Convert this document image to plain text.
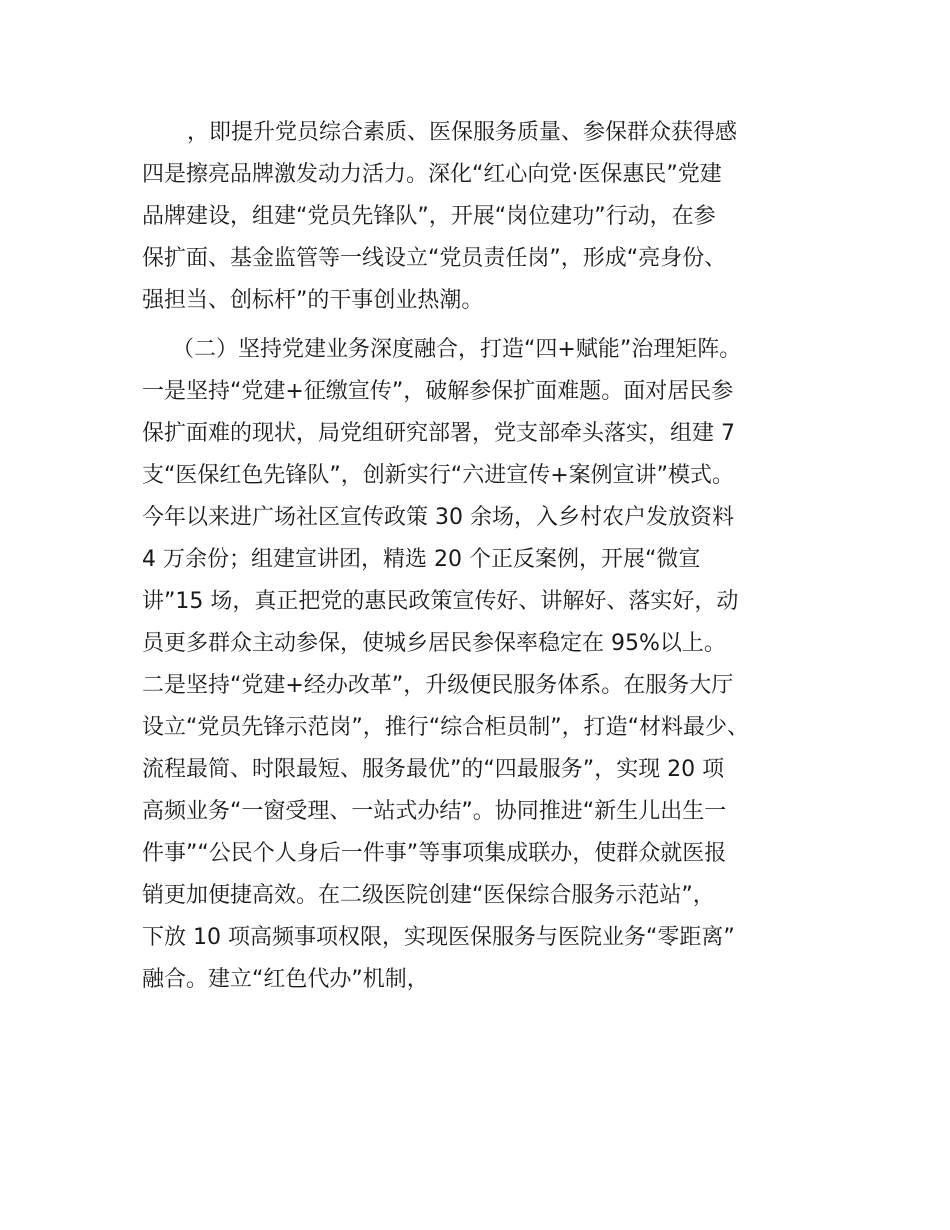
，即提升党员综合素质、医保服务质量、参保群众获得感

四是擦亮品牌激发动力活力。深化“红心向党·医保惠民”党建

品牌建设，组建“党员先锋队”，开展“岗位建功”行动，在参

保扩面、基金监管等一线设立“党员责任岗”，形成“亮身份、

强担当、创标杆”的干事创业热潮。

（二）坚持党建业务深度融合，打造“四+赋能”治理矩阵。

一是坚持“党建+征缴宣传”，破解参保扩面难题。面对居民参

保扩面难的现状，局党组研究部署，党支部牵头落实，组建 7

支“医保红色先锋队”，创新实行“六进宣传+案例宣讲”模式。

今年以来进广场社区宣传政策 30 余场，入乡村农户发放资料

4 万余份；组建宣讲团，精选 20 个正反案例，开展“微宣

讲”15 场，真正把党的惠民政策宣传好、讲解好、落实好，动

员更多群众主动参保，使城乡居民参保率稳定在 95%以上。

二是坚持“党建+经办改革”，升级便民服务体系。在服务大厅

设立“党员先锋示范岗”，推行“综合柜员制”，打造“材料最少、

流程最简、时限最短、服务最优”的“四最服务”，实现 20 项

高频业务“一窗受理、一站式办结”。协同推进“新生儿出生一

件事”“公民个人身后一件事”等事项集成联办，使群众就医报

销更加便捷高效。在二级医院创建“医保综合服务示范站”，

下放 10 项高频事项权限，实现医保服务与医院业务“零距离”

融合。建立“红色代办”机制，
